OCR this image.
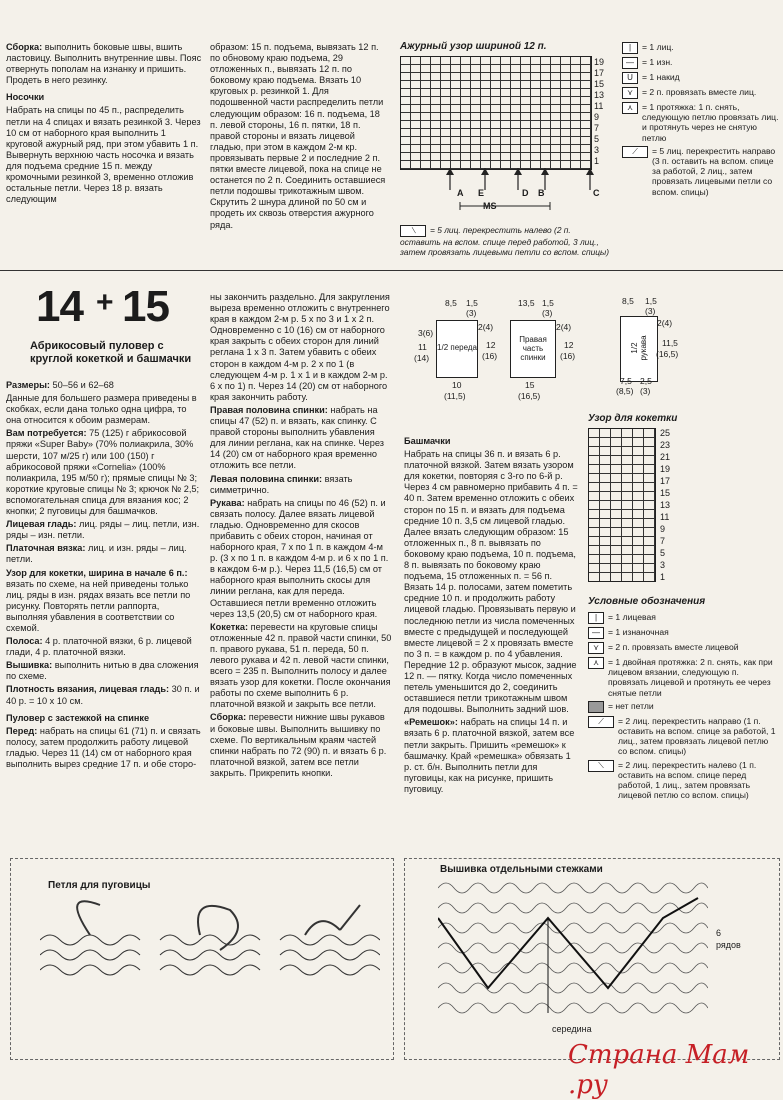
Сборка: выполнить боковые швы, вшить ластовицу. Выполнить внутренние швы. Пояс отвернуть пополам на изнанку и пришить. Продеть в него резинку.

Носочки

Набрать на спицы по 45 п., распределить петли на 4 спицах и вязать резинкой 3. Через 10 см от наборного края выполнить 1 круговой ажурный ряд, при этом убавить 1 п. Вывернуть верхнюю часть носочка и вязать для подъема средние 15 п. между кромочными резинкой 3, временно отложив остальные петли. Через 18 р. вязать следующим

образом: 15 п. подъема, вывязать 12 п. по обновому краю подъема, 29 отложенных п., вывязать 12 п. по боковому краю подъема. Вязать 10 круговых р. резинкой 1. Для подошвенной части распределить петли следующим образом: 16 п. подъема, 18 п. левой стороны, 16 п. пятки, 18 п. правой стороны и вязать лицевой гладью, при этом в каждом 2-м кр. провязывать первые 2 и последние 2 п. пятки вместе лицевой, пока на спице не останется по 2 п. Соединить оставшиеся петли подошвы трикотажным швом. Скрутить 2 шнура длиной по 50 см и продеть их сквозь отверстия ажурного ряда.

Ажурный узор шириной 12 п.
19
17
15
13
11
9
7
5
3
1
A E	D B	C
MS
⟍ = 5 лиц. перекрестить налево (2 п. оставить на вспом. спице перед работой, 3 лиц., затем провязать лицевыми петли со вспом. спицы)
|	= 1 лиц.
— = 1 изн.
U	= 1 накид
⋎	= 2 п. провязать вместе лиц.
⋏	= 1 протяжка: 1 п. снять, следующую петлю провязать лиц. и протянуть через не снятую петлю
⟋	= 5 лиц. перекрестить направо (3 п. оставить на вспом. спице за работой, 2 лиц., затем провязать лицевыми петли со вспом. спицы)
14 + 15
Абрикосовый пуловер с круглой кокеткой и башмачки

Размеры: 50–56 и 62–68

Данные для большего размера приведены в скобках, если дана только одна цифра, то она относится к обоим размерам.

Вам потребуется: 75 (125) г абрикосовой пряжи «Super Baby» (70% полиакрила, 30% шерсти, 107 м/25 г) или 100 (150) г абрикосовой пряжи «Cornelia» (100% полиакрила, 195 м/50 г); прямые спицы № 3; короткие круговые спицы № 3; крючок № 2,5; вспомогательная спица для вязания кос; 2 кнопки; 2 пуговицы для башмачков.

Лицевая гладь: лиц. ряды – лиц. петли, изн. ряды – изн. петли.

Платочная вязка: лиц. и изн. ряды – лиц. петли.

Узор для кокетки, ширина в начале 6 п.: вязать по схеме, на ней приведены только лиц. ряды в изн. рядах вязать все петли по рисунку. Повторять петли раппорта, выполняя убавления в соответствии со схемой.

Полоса: 4 р. платочной вязки, 6 р. лицевой глади, 4 р. платочной вязки.

Вышивка: выполнить нитью в два сложения по схеме.

Плотность вязания, лицевая гладь: 30 п. и 40 р. = 10 х 10 см.

Пуловер с застежкой на спинке

Перед: набрать на спицы 61 (71) п. и связать полосу, затем продолжить работу лицевой гладью. Через 11 (14) см от наборного края выполнить вырез средние 17 п. и обе сторо-

ны закончить раздельно. Для закругления выреза временно отложить с внутреннего края в каждом 2-м р. 5 х по 3 и 1 х 2 п. Одновременно с 10 (16) см от наборного края закрыть с обеих сторон для линий реглана 1 х 3 п. Затем убавить с обеих сторон в каждом 4-м р. 2 х по 1 (в следующем 4-м р. 1 х 1 и в каждом 2-м р. 6 х по 1) п. Через 14 (20) см от наборного края закончить работу.

Правая половина спинки: набрать на спицы 47 (52) п. и вязать, как спинку. С правой стороны выполнить убавления для линии реглана, как на спинке. Через 14 (20) см от наборного края временно отложить все петли.

Левая половина спинки: вязать симметрично.

Рукава: набрать на спицы по 46 (52) п. и связать полосу. Далее вязать лицевой гладью. Одновременно для скосов прибавить с обеих сторон, начиная от наборного края, 7 х по 1 п. в каждом 4-м р. (3 х по 1 п. в каждом 4-м р. и 6 х по 1 п. в каждом 6-м р.). Через 11,5 (16,5) см от наборного края выполнить скосы для линии реглана, как для переда. Оставшиеся петли временно отложить через 13,5 (20,5) см от наборного края.

Кокетка: перевести на круговые спицы отложенные 42 п. правой части спинки, 50 п. правого рукава, 51 п. переда, 50 п. левого рукава и 42 п. левой части спинки, всего = 235 п. Выполнить полосу и далее вязать узор для кокетки. После окончания работы по схеме выполнить 6 р. платочной вязкой и закрыть все петли.

Сборка: перевести нижние швы рукавов и боковые швы. Выполнить вышивку по схеме. По вертикальным краям частей спинки набрать по 72 (90) п. и вязать 6 р. платочной вязкой, затем все петли закрыть. Прикрепить кнопки.

1/2 переда
Правая часть спинки
1/2 рукава
8,5 1,5
(3)
13,5 1,5
(3)
8,5 1,5
(3)
2(4)	2(4)	2(4)
12
(16)
12
(16)
3(6)
11
(14)
10
(11,5)
15
(16,5)
11,5
(16,5)
7,5
(8,5)
2,5
(3)

Башмачки

Набрать на спицы 36 п. и вязать 6 р. платочной вязкой. Затем вязать узором для кокетки, повторяя с 3-го по 6-й р. Через 4 см равномерно прибавить 4 п. = 40 п. Затем временно отложить с обеих сторон по 15 п. и вязать для подъема средние 10 п. 3,5 см лицевой гладью. Далее вязать следующим образом: 15 отложенных п., 8 п. вывязать по боковому краю подъема, 10 п. подъема, 8 п. вывязать по боковому краю подъема, 15 отложенных п. = 56 п. Вязать 14 р. полосами, затем пометить средние 10 п. и продолжить работу лицевой гладью. Провязывать первую и последнюю петли из числа помеченных вместе с предыдущей и последующей вместе лицевой = 2 х провязать вместе по 3 п. = в каждом р. по 4 убавления. Передние 12 р. образуют мысок, задние 12 п. — пятку. Когда число помеченных петель уменьшится до 2, соединить оставшиеся петли трикотажным швом для подошвы. Выполнить задний шов.

«Ремешок»: набрать на спицы 14 п. и вязать 6 р. платочной вязкой, затем все петли закрыть. Пришить «ремешок» к башмачку. Край «ремешка» обвязать 1 р. ст. б/н. Выполнить петли для пуговицы, как на рисунке, пришить пуговицу.

Узор для кокетки
25
23
21
19
17
15
13
11
9
7
5
3
1
Условные обозначения
|	= 1 лицевая
— = 1 изнаночная
⋎	= 2 п. провязать вместе лицевой
⋏	= 1 двойная протяжка: 2 п. снять, как при лицевом вязании, следующую п. провязать лицевой и протянуть ее через снятые петли
= нет петли
⟋	= 2 лиц. перекрестить направо (1 п. оставить на вспом. спице за работой, 1 лиц., затем провязать лицевой петлю со вспом. спицы)
⟍	= 2 лиц. перекрестить налево (1 п. оставить на вспом. спице перед работой, 1 лиц., затем провязать лицевой петлю со вспом. спицы)
Петля для пуговицы
Вышивка отдельными стежками
6
рядов
середина
Страна Мам .ру
